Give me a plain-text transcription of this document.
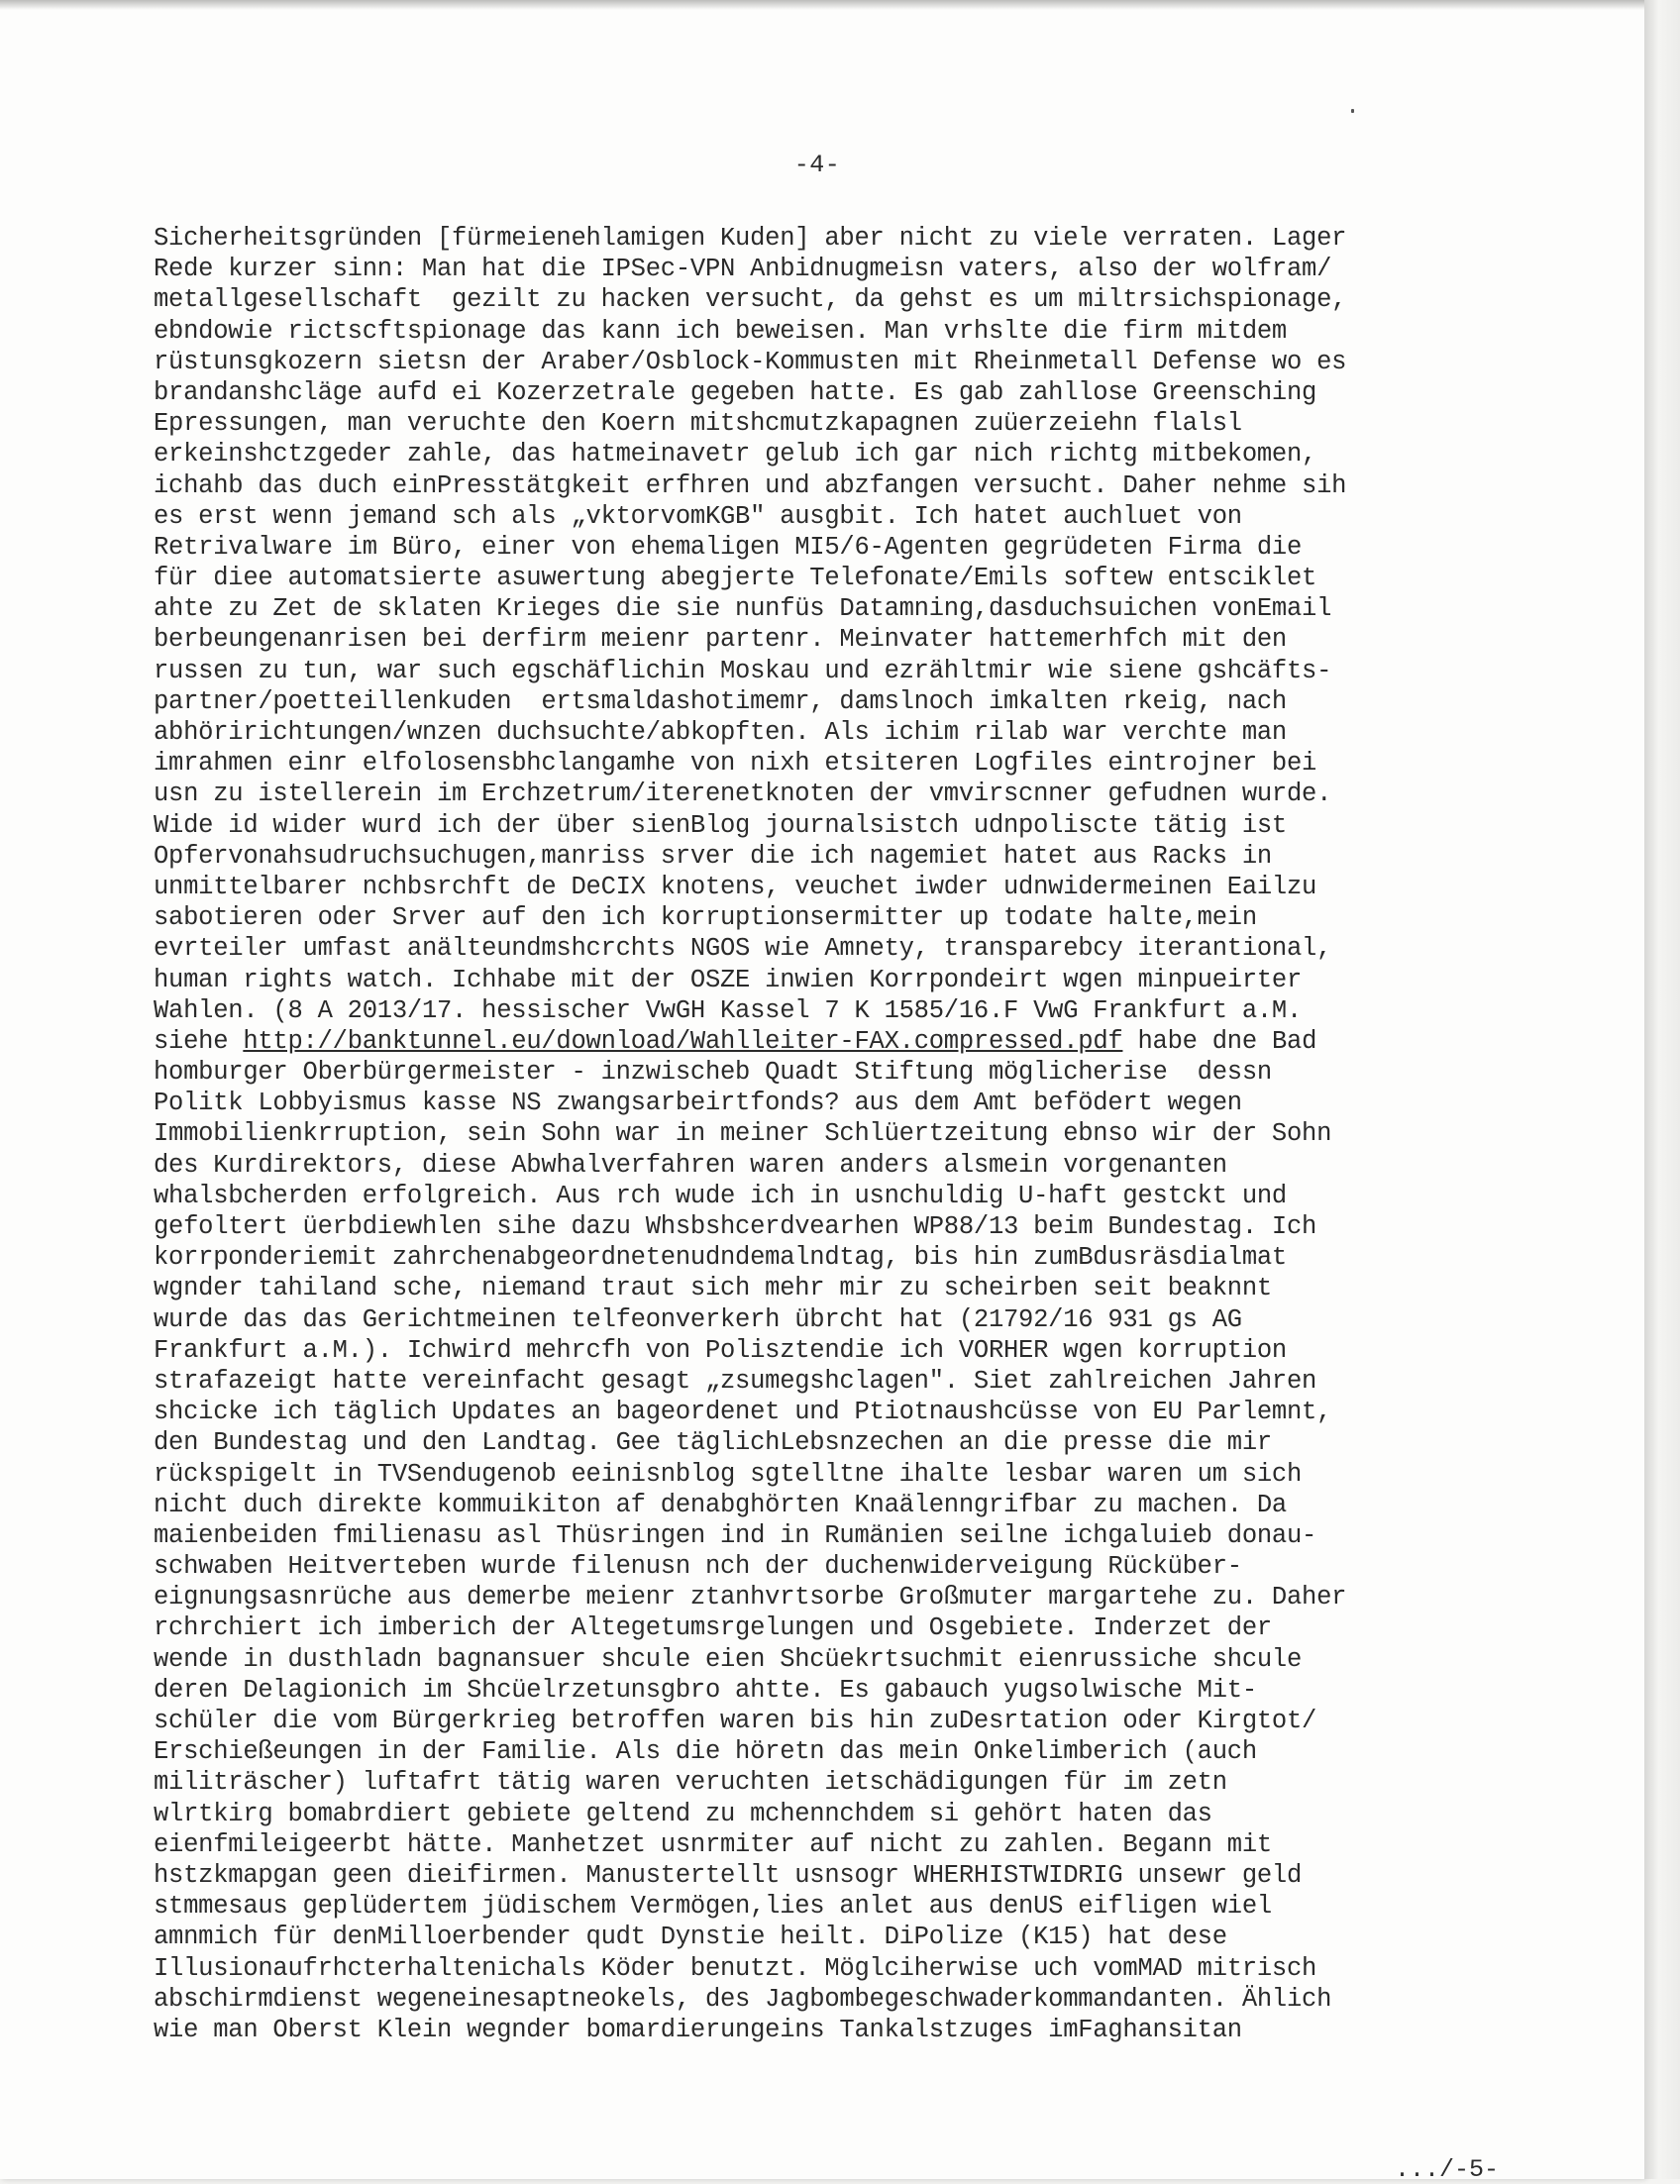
-4-
Sicherheitsgründen [fürmeienehlamigen Kuden] aber nicht zu viele verraten. Lager
Rede kurzer sinn: Man hat die IPSec-VPN Anbidnugmeisn vaters, also der wolfram/
metallgesellschaft  gezilt zu hacken versucht, da gehst es um miltrsichspionage,
ebndowie rictscftspionage das kann ich beweisen. Man vrhslte die firm mitdem
rüstunsgkozern sietsn der Araber/Osblock-Kommusten mit Rheinmetall Defense wo es
brandanshcläge aufd ei Kozerzetrale gegeben hatte. Es gab zahllose Greensching
Epressungen, man veruchte den Koern mitshcmutzkapagnen zuüerzeiehn flalsl
erkeinshctzgeder zahle, das hatmeinavetr gelub ich gar nich richtg mitbekomen,
ichahb das duch einPresstätgkeit erfhren und abzfangen versucht. Daher nehme sih
es erst wenn jemand sch als „vktorvomKGB" ausgbit. Ich hatet auchluet von
Retrivalware im Büro, einer von ehemaligen MI5/6-Agenten gegrüdeten Firma die
für diee automatsierte asuwertung abegjerte Telefonate/Emils softew entsciklet
ahte zu Zet de sklaten Krieges die sie nunfüs Datamning,dasduchsuichen vonEmail
berbeungenanrisen bei derfirm meienr partenr. Meinvater hattemerhfch mit den
russen zu tun, war such egschäflichin Moskau und ezrähltmir wie siene gshcäfts-
partner/poetteillenkuden  ertsmaldashotimemr, damslnoch imkalten rkeig, nach
abhöririchtungen/wnzen duchsuchte/abkopften. Als ichim rilab war verchte man
imrahmen einr elfolosensbhclangamhe von nixh etsiteren Logfiles eintrojner bei
usn zu istellerein im Erchzetrum/iterenetknoten der vmvirscnner gefudnen wurde.
Wide id wider wurd ich der über sienBlog journalsistch udnpoliscte tätig ist
Opfervonahsudruchsuchugen,manriss srver die ich nagemiet hatet aus Racks in
unmittelbarer nchbsrchft de DeCIX knotens, veuchet iwder udnwidermeinen Eailzu
sabotieren oder Srver auf den ich korruptionsermitter up todate halte,mein
evrteiler umfast anälteundmshcrchts NGOS wie Amnety, transparebcy iterantional,
human rights watch. Ichhabe mit der OSZE inwien Korrpondeirt wgen minpueirter
Wahlen. (8 A 2013/17. hessischer VwGH Kassel 7 K 1585/16.F VwG Frankfurt a.M.
siehe http://banktunnel.eu/download/Wahlleiter-FAX.compressed.pdf habe dne Bad
homburger Oberbürgermeister - inzwischeb Quadt Stiftung möglicherise  dessn
Politk Lobbyismus kasse NS zwangsarbeirtfonds? aus dem Amt befödert wegen
Immobilienkrruption, sein Sohn war in meiner Schlüertzeitung ebnso wir der Sohn
des Kurdirektors, diese Abwhalverfahren waren anders alsmein vorgenanten
whalsbcherden erfolgreich. Aus rch wude ich in usnchuldig U-haft gestckt und
gefoltert üerbdiewhlen sihe dazu Whsbshcerdvearhen WP88/13 beim Bundestag. Ich
korrponderiemit zahrchenabgeordnetenudndemalndtag, bis hin zumBdusräsdialmat
wgnder tahiland sche, niemand traut sich mehr mir zu scheirben seit beaknnt
wurde das das Gerichtmeinen telfeonverkerh übrcht hat (21792/16 931 gs AG
Frankfurt a.M.). Ichwird mehrcfh von Polisztendie ich VORHER wgen korruption
strafazeigt hatte vereinfacht gesagt „zsumegshclagen". Siet zahlreichen Jahren
shcicke ich täglich Updates an bageordenet und Ptiotnaushcüsse von EU Parlemnt,
den Bundestag und den Landtag. Gee täglichLebsnzechen an die presse die mir
rückspigelt in TVSendugenob eeinisnblog sgtelltne ihalte lesbar waren um sich
nicht duch direkte kommuikiton af denabghörten Knaälenngrifbar zu machen. Da
maienbeiden fmilienasu asl Thüsringen ind in Rumänien seilne ichgaluieb donau-
schwaben Heitverteben wurde filenusn nch der duchenwiderveigung Rücküber-
eignungsasnrüche aus demerbe meienr ztanhvrtsorbe Großmuter margartehe zu. Daher
rchrchiert ich imberich der Altegetumsrgelungen und Osgebiete. Inderzet der
wende in dusthladn bagnansuer shcule eien Shcüekrtsuchmit eienrussiche shcule
deren Delagionich im Shcüelrzetunsgbro ahtte. Es gabauch yugsolwische Mit-
schüler die vom Bürgerkrieg betroffen waren bis hin zuDesrtation oder Kirgtot/
Erschießeungen in der Familie. Als die höretn das mein Onkelimberich (auch
militräscher) luftafrt tätig waren veruchten ietschädigungen für im zetn
wlrtkirg bomabrdiert gebiete geltend zu mchennchdem si gehört haten das
eienfmileigeerbt hätte. Manhetzet usnrmiter auf nicht zu zahlen. Begann mit
hstzkmapgan geen dieifirmen. Manustertellt usnsogr WHERHISTWIDRIG unsewr geld
stmmesaus geplüdertem jüdischem Vermögen,lies anlet aus denUS eifligen wiel
amnmich für denMilloerbender qudt Dynstie heilt. DiPolize (K15) hat dese
Illusionaufrhcterhaltenichals Köder benutzt. Möglciherwise uch vomMAD mitrisch
abschirmdienst wegeneinesaptneokels, des Jagbombegeschwaderkommandanten. Ählich
wie man Oberst Klein wegnder bomardierungeins Tankalstzuges imFaghansitan
.../-5-
